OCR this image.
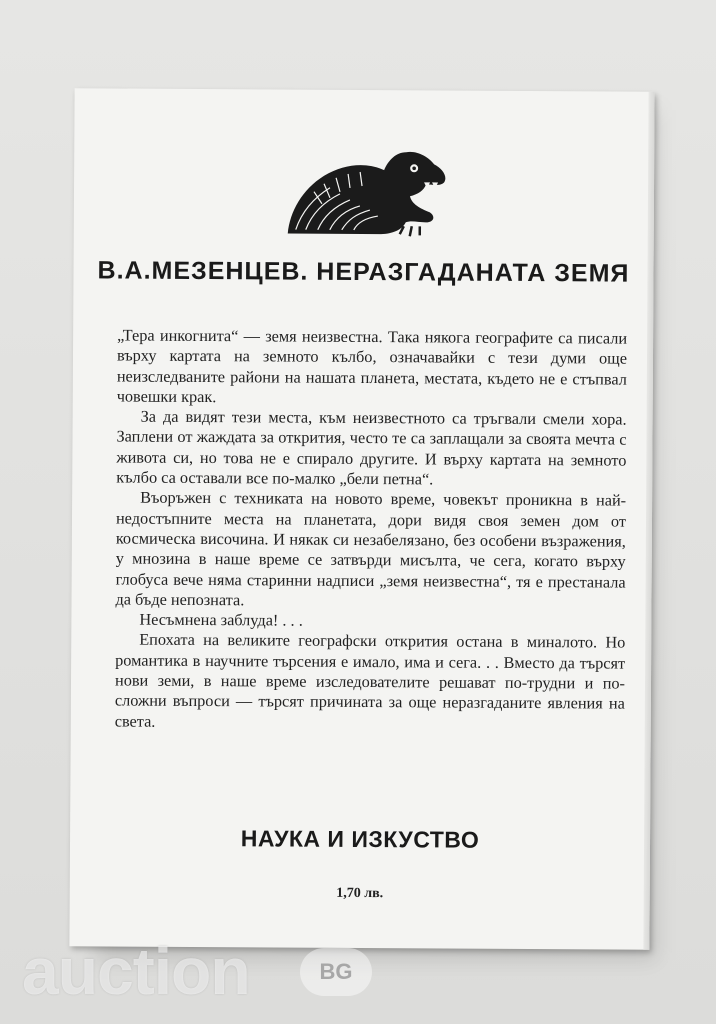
В.А.МЕЗЕНЦЕВ. НЕРАЗГАДАНАТА ЗЕМЯ

„Тера инкогнита“ — земя неизвестна. Така някога географите са писали върху картата на земното кълбо, означавайки с тези думи още неизследваните райони на нашата планета, местата, където не е стъпвал човешки крак.

За да видят тези места, към неизвестното са тръгвали смели хора. Заплени от жаждата за открития, често те са заплащали за своята мечта с живота си, но това не е спирало другите. И върху картата на земното кълбо са оставали все по-малко „бели петна“.

Въоръжен с техниката на новото време, човекът проникна в най-недостъпните места на планетата, дори видя своя земен дом от космическа височина. И някак си незабелязано, без особени възражения, у мнозина в наше време се затвърди мисълта, че сега, когато върху глобуса вече няма старинни надписи „земя неизвестна“, тя е престанала да бъде непозната.

Несъмнена заблуда! . . .

Епохата на великите географски открития остана в миналото. Но романтика в научните търсения е имало, има и сега. . . Вместо да търсят нови земи, в наше време изследователите решават по-трудни и по-сложни въпроси — търсят причината за още неразгаданите явления на света.

НАУКА И ИЗКУСТВО
1,70 лв.
auction	BG
